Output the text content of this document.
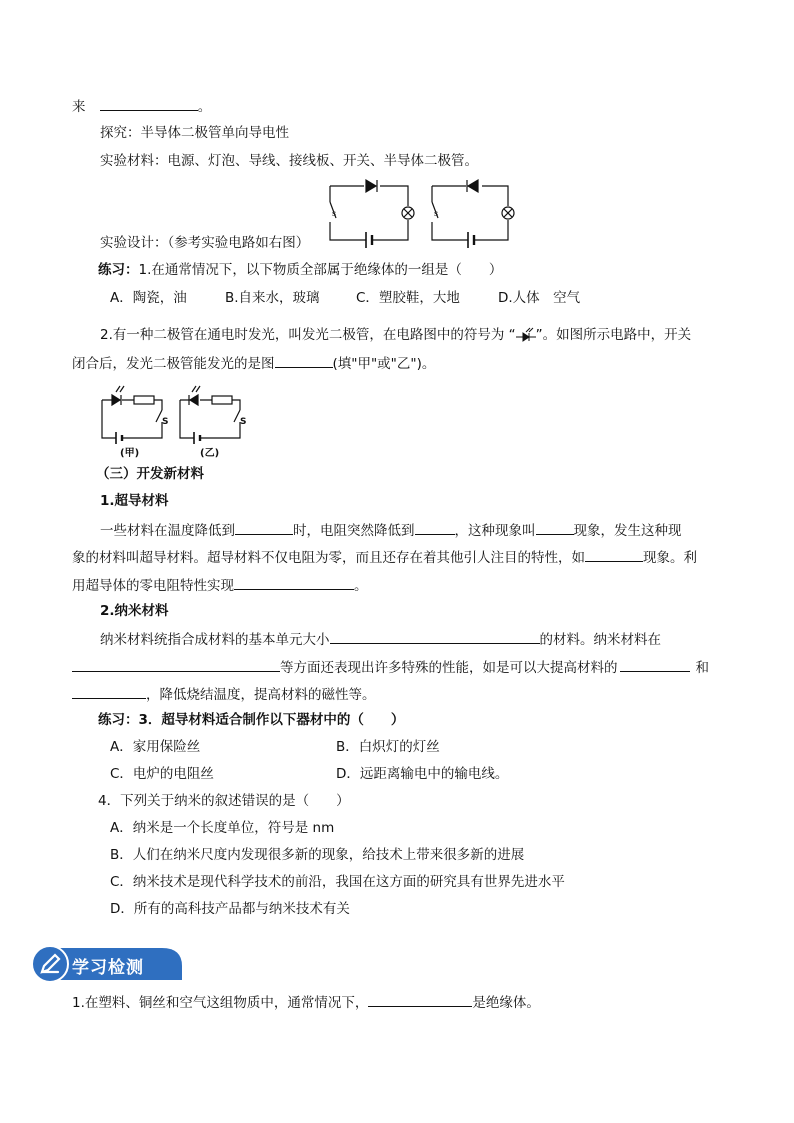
来	。
探究：半导体二极管单向导电性
实验材料：电源、灯泡、导线、接线板、开关、半导体二极管。
s	s
实验设计：（参考实验电路如右图）
练习：1.在通常情况下，以下物质全部属于绝缘体的一组是（　　）
A．陶瓷，油	B.自来水，玻璃	C．塑胶鞋，大地	D.人体　空气
2.有一种二极管在通电时发光，叫发光二极管，在电路图中的符号为 “ ”。如图所示电路中，开关
闭合后，发光二极管能发光的是图	(填"甲"或"乙")。
S	S
(甲)	(乙)
（三）开发新材料
1.超导材料
一些材料在温度降低到	时，电阻突然降低到	，这种现象叫	现象，发生这种现
象的材料叫超导材料。超导材料不仅电阻为零，而且还存在着其他引人注目的特性，如	现象。利
用超导体的零电阻特性实现	。
2.纳米材料
纳米材料统指合成材料的基本单元大小	的材料。纳米材料在
等方面还表现出许多特殊的性能，如是可以大提高材料的	和
，降低烧结温度，提高材料的磁性等。
练习：3．超导材料适合制作以下器材中的（　　）
A．家用保险丝	B．白炽灯的灯丝
C．电炉的电阻丝	D．远距离输电中的输电线。
4．下列关于纳米的叙述错误的是（　　）
A．纳米是一个长度单位，符号是 nm
B．人们在纳米尺度内发现很多新的现象，给技术上带来很多新的进展
C．纳米技术是现代科学技术的前沿，我国在这方面的研究具有世界先进水平
D．所有的高科技产品都与纳米技术有关
学习检测
1.在塑料、铜丝和空气这组物质中，通常情况下，	是绝缘体。
